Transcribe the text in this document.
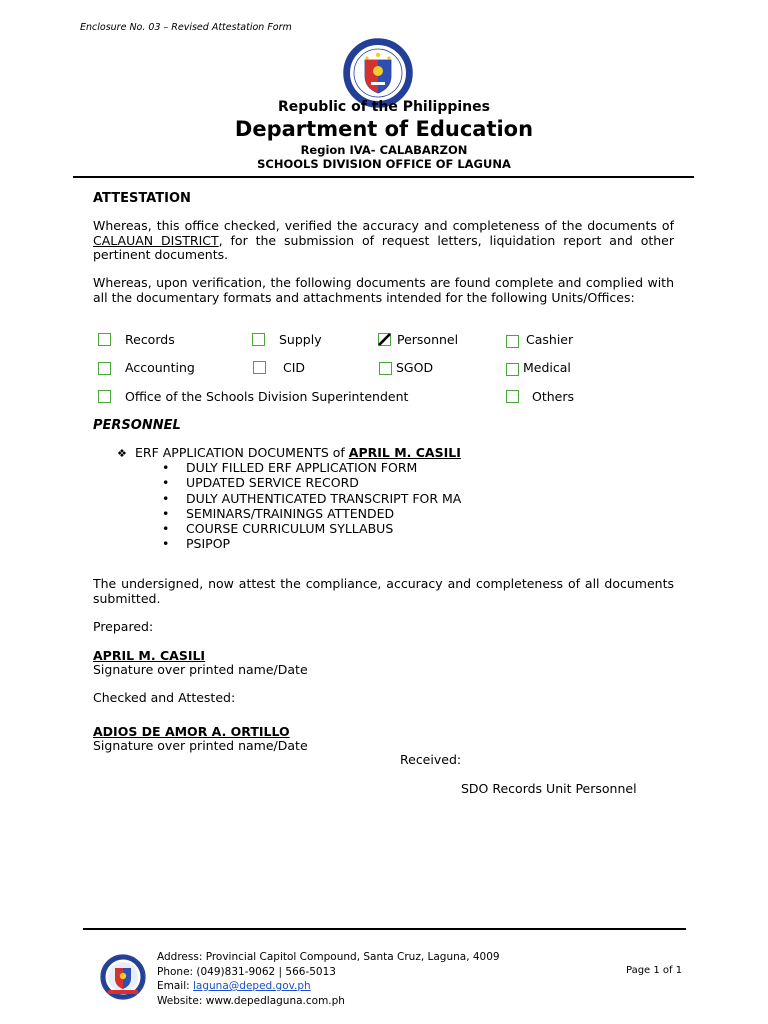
Enclosure No. 03 – Revised Attestation Form
Republic of the Philippines
Department of Education
Region IVA- CALABARZON
SCHOOLS DIVISION OFFICE OF LAGUNA
ATTESTATION
Whereas, this office checked, verified the accuracy and completeness of the documents of CALAUAN DISTRICT, for the submission of request letters, liquidation report and other pertinent documents.
Whereas, upon verification, the following documents are found complete and complied with all the documentary formats and attachments intended for the following Units/Offices:
Records	Supply	Personnel	Cashier
Accounting	CID	SGOD	Medical
Office of the Schools Division Superintendent	Others
PERSONNEL
❖ ERF APPLICATION DOCUMENTS of APRIL M. CASILI
• DULY FILLED ERF APPLICATION FORM
• UPDATED SERVICE RECORD
• DULY AUTHENTICATED TRANSCRIPT FOR MA
• SEMINARS/TRAININGS ATTENDED
• COURSE CURRICULUM SYLLABUS
• PSIPOP
The undersigned, now attest the compliance, accuracy and completeness of all documents submitted.
Prepared:
APRIL M. CASILI
Signature over printed name/Date
Checked and Attested:
ADIOS DE AMOR A. ORTILLO
Signature over printed name/Date
Received:
SDO Records Unit Personnel
Address: Provincial Capitol Compound, Santa Cruz, Laguna, 4009
Phone: (049)831-9062 | 566-5013
Email: laguna@deped.gov.ph
Website: www.depedlaguna.com.ph
Page 1 of 1
